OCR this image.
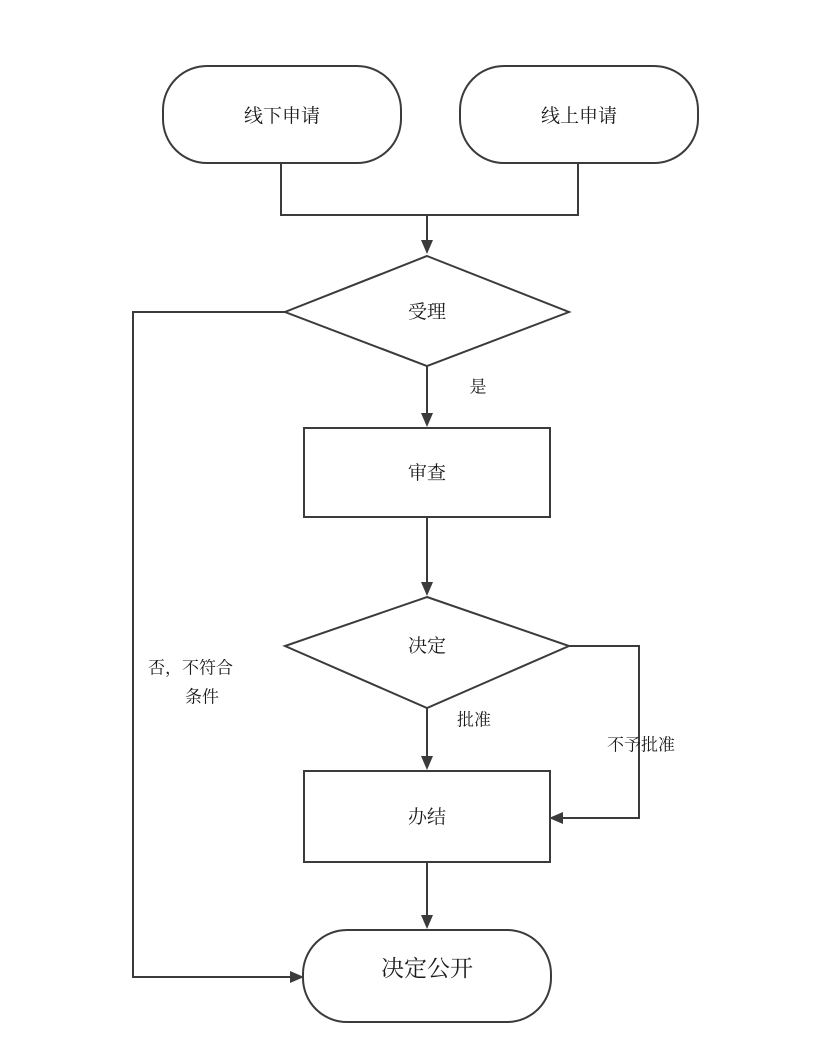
线下申请	线上申请
受理
审查
决定
办结
决定公开
是
否，不符合
条件
批准
不予批准
